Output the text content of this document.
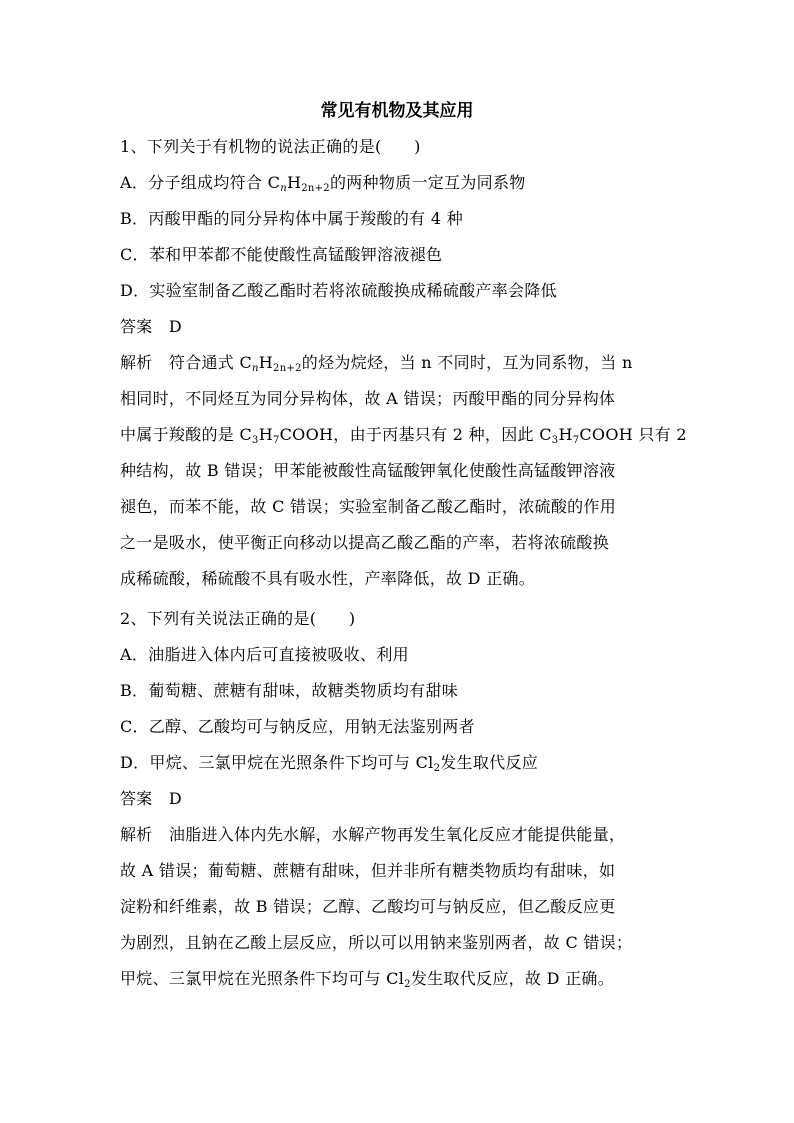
常见有机物及其应用
1、下列关于有机物的说法正确的是(　　)
A．分子组成均符合 $C_nH_{2n+2}$的两种物质一定互为同系物
B．丙酸甲酯的同分异构体中属于羧酸的有 4 种
C．苯和甲苯都不能使酸性高锰酸钾溶液褪色
D．实验室制备乙酸乙酯时若将浓硫酸换成稀硫酸产率会降低
答案　D
解析　符合通式 $C_nH_{2n+2}$的烃为烷烃，当 n 不同时，互为同系物，当 n
相同时，不同烃互为同分异构体，故 A 错误；丙酸甲酯的同分异构体
中属于羧酸的是 $C_3H_7COOH$，由于丙基只有 2 种，因此 $C_3H_7COOH$ 只有 2
种结构，故 B 错误；甲苯能被酸性高锰酸钾氧化使酸性高锰酸钾溶液
褪色，而苯不能，故 C 错误；实验室制备乙酸乙酯时，浓硫酸的作用
之一是吸水，使平衡正向移动以提高乙酸乙酯的产率，若将浓硫酸换
成稀硫酸，稀硫酸不具有吸水性，产率降低，故 D 正确。
2、下列有关说法正确的是(　　)
A．油脂进入体内后可直接被吸收、利用
B．葡萄糖、蔗糖有甜味，故糖类物质均有甜味
C．乙醇、乙酸均可与钠反应，用钠无法鉴别两者
D．甲烷、三氯甲烷在光照条件下均可与 $Cl_2$发生取代反应
答案　D
解析　油脂进入体内先水解，水解产物再发生氧化反应才能提供能量，
故 A 错误；葡萄糖、蔗糖有甜味，但并非所有糖类物质均有甜味，如
淀粉和纤维素，故 B 错误；乙醇、乙酸均可与钠反应，但乙酸反应更
为剧烈，且钠在乙酸上层反应，所以可以用钠来鉴别两者，故 C 错误；
甲烷、三氯甲烷在光照条件下均可与 $Cl_2$发生取代反应，故 D 正确。
